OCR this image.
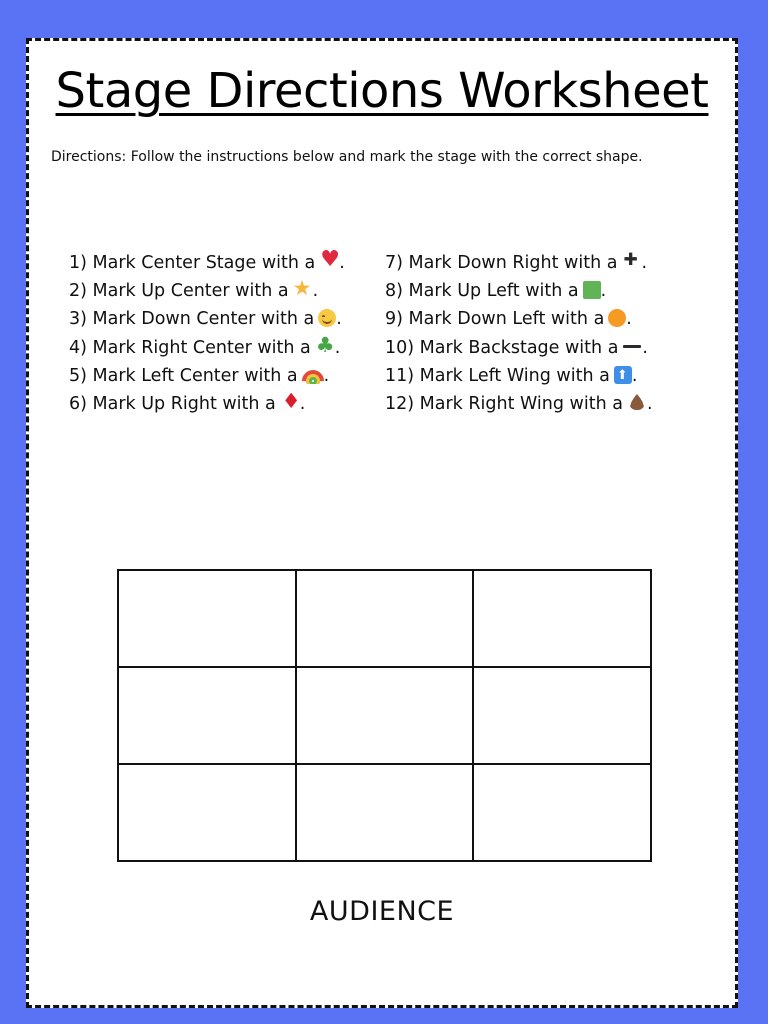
Stage Directions Worksheet

Directions: Follow the instructions below and mark the stage with the correct shape.

1) Mark Center Stage with a ♥ .
2) Mark Up Center with a ★ .
3) Mark Down Center with a .
4) Mark Right Center with a ♣ .
5) Mark Left Center with a .
6) Mark Up Right with a ♦ .
7) Mark Down Right with a ✚ .
8) Mark Up Left with a .
9) Mark Down Left with a .
10) Mark Backstage with a .
11) Mark Left Wing with a ⬆ .
12) Mark Right Wing with a .

AUDIENCE
